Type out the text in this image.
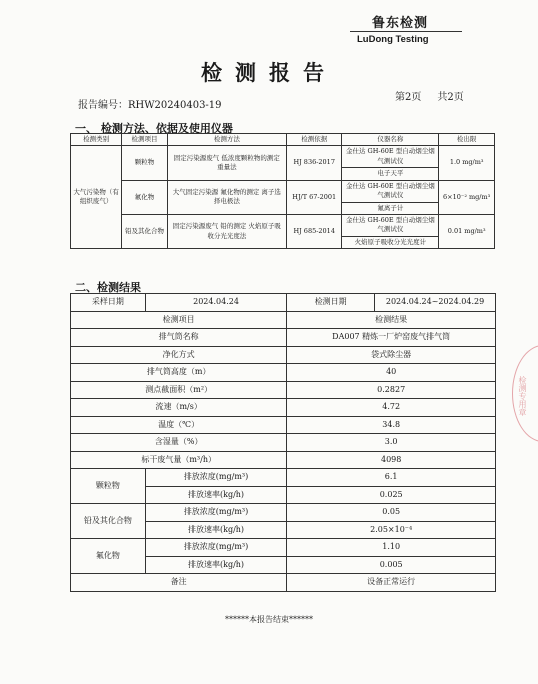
鲁东检测
LuDong Testing
检测报告
报告编号：RHW20240403-19
第2页 共2页
一、 检测方法、依据及使用仪器
检测类别	检测项目	检测方法	检测依据	仪器名称	检出限
大气污染物（有组织废气）	颗粒物	固定污染源废气 低浓度颗粒物的测定 重量法	HJ 836-2017	金仕达 GH-60E 型自动烟尘烟气测试仪	1.0 mg/m³
				电子天平	
	氟化物	大气固定污染源 氟化物的测定 离子选择电极法	HJ/T 67-2001	金仕达 GH-60E 型自动烟尘烟气测试仪	6×10⁻² mg/m³
				氟离子计	
	铅及其化合物	固定污染源废气 铅的测定 火焰原子吸收分光光度法	HJ 685-2014	金仕达 GH-60E 型自动烟尘烟气测试仪	0.01 mg/m³
				火焰原子吸收分光光度计	
二、检测结果
采样日期	2024.04.24		检测日期	2024.04.24~2024.04.29

检测项目	检测结果
排气筒名称	DA007 精炼一厂炉窑废气排气筒
净化方式	袋式除尘器
排气筒高度（m）	40
测点截面积（m²）	0.2827
流速（m/s）	4.72
温度（℃）	34.8
含湿量（%）	3.0
标干废气量（m³/h）	4098
颗粒物	排放浓度(mg/m³)	6.1
排放速率(kg/h)	0.025
铅及其化合物	排放浓度(mg/m³)	0.05
排放速率(kg/h)	2.05×10⁻⁴
氟化物	排放浓度(mg/m³)	1.10
排放速率(kg/h)	0.005
备注	设备正常运行
******本报告结束******
检测专用章
